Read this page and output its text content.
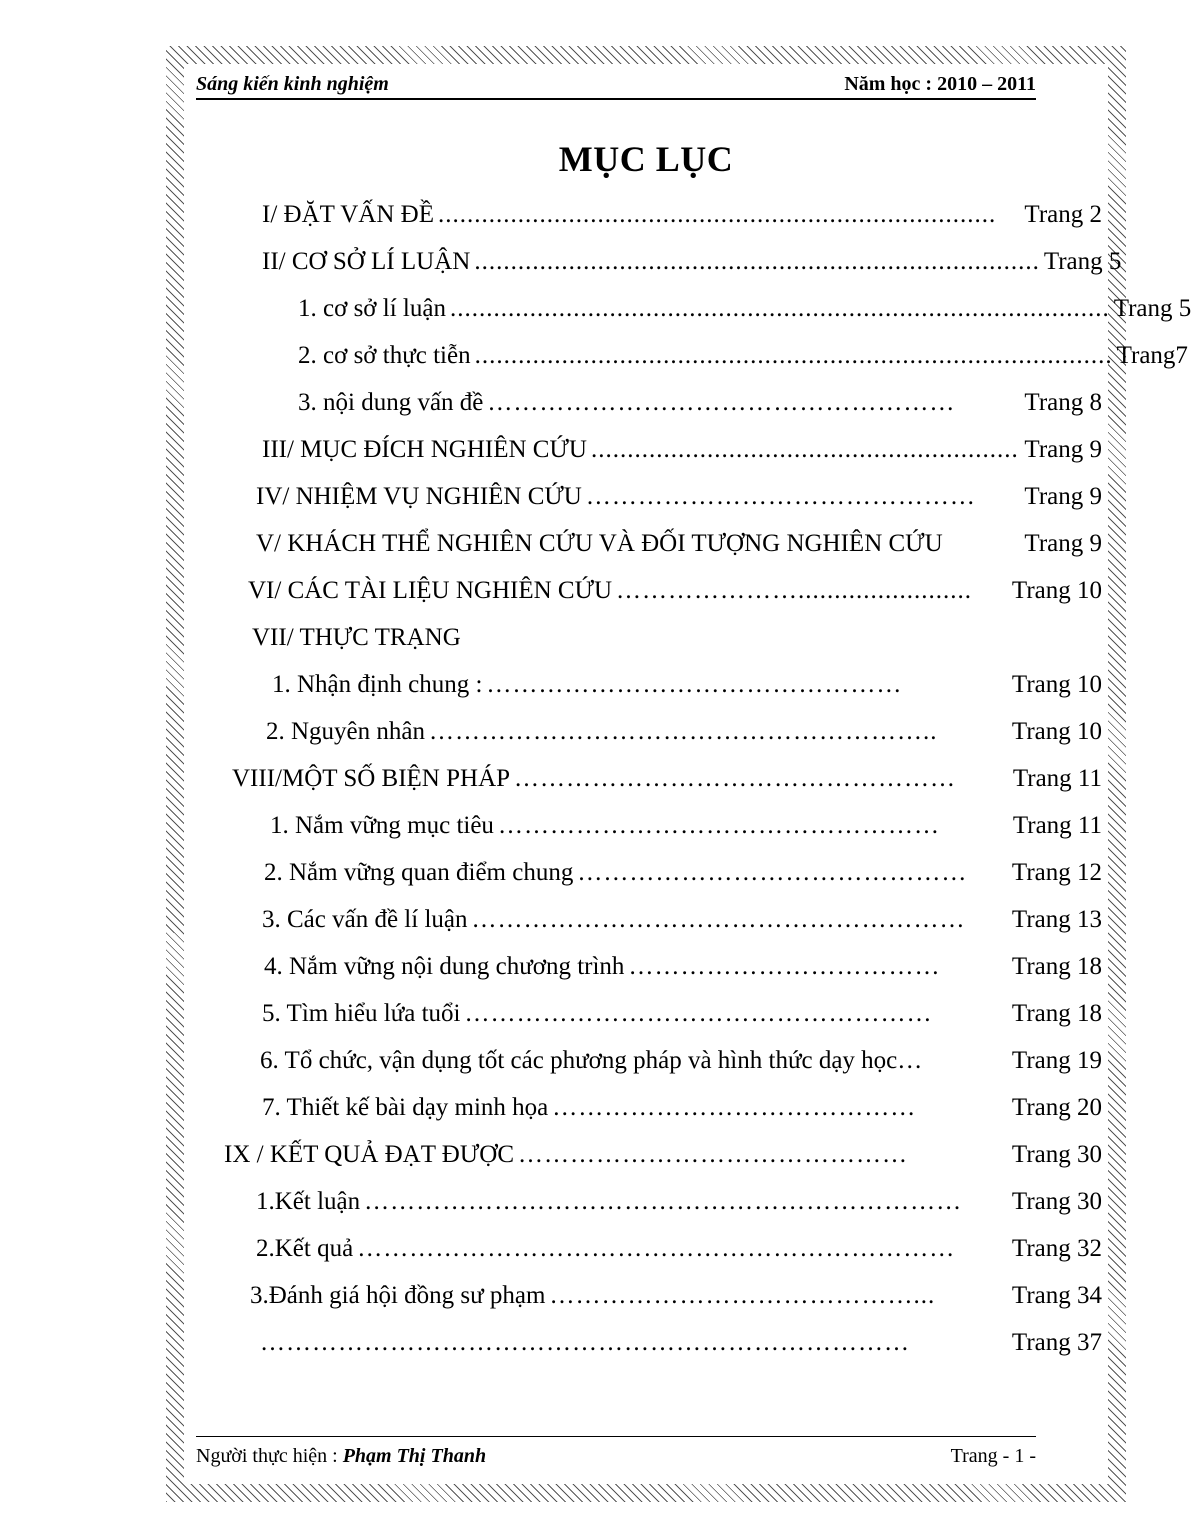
Sáng kiến kinh nghiệm	Năm học : 2010 – 2011
MỤC LỤC
I/ ĐẶT VẤN ĐỀ .............................................................................	Trang 2
II/ CƠ SỞ LÍ LUẬN .............................................................................. Trang 5
1. cơ sở lí luận ........................................................................................... Trang 5
2. cơ sở thực tiễn ........................................................................................ Trang7
3. nội dung vấn đề ………………………………………………	Trang 8
III/ MỤC ĐÍCH NGHIÊN CỨU ........................................................... Trang 9
IV/ NHIỆM VỤ NGHIÊN CỨU ………………………………………	Trang 9
V/ KHÁCH THỂ NGHIÊN CỨU VÀ ĐỐI TƯỢNG NGHIÊN CỨU	Trang 9
VI/ CÁC TÀI LIỆU NGHIÊN CỨU …………………........................	Trang 10
VII/ THỰC TRẠNG
1. Nhận định chung : …………………………………………	Trang 10
2. Nguyên nhân …………………………………………………..	Trang 10
VIII/MỘT SỐ BIỆN PHÁP ……………………………………………	Trang 11
1. Nắm vững mục tiêu ……………………………………………	Trang 11
2. Nắm vững quan điểm chung ………………………………………	Trang 12
3. Các vấn đề lí luận …………………………………………………	Trang 13
4. Nắm vững nội dung chương trình ………………………………	Trang 18
5. Tìm hiểu lứa tuổi ………………………………………………	Trang 18
6. Tổ chức, vận dụng tốt các phương pháp và hình thức dạy học…	Trang 19
7. Thiết kế bài dạy minh họa ……………………………………	Trang 20
IX / KẾT QUẢ ĐẠT ĐƯỢC ………………………………………	Trang 30
1.Kết luận ……………………………………………………………	Trang 30
2.Kết quả ……………………………………………………………	Trang 32
3.Đánh giá hội đồng sư phạm ……………………………………...	Trang 34
…………………………………………………………………	Trang 37
Người thực hiện : Phạm Thị Thanh	Trang - 1 -
